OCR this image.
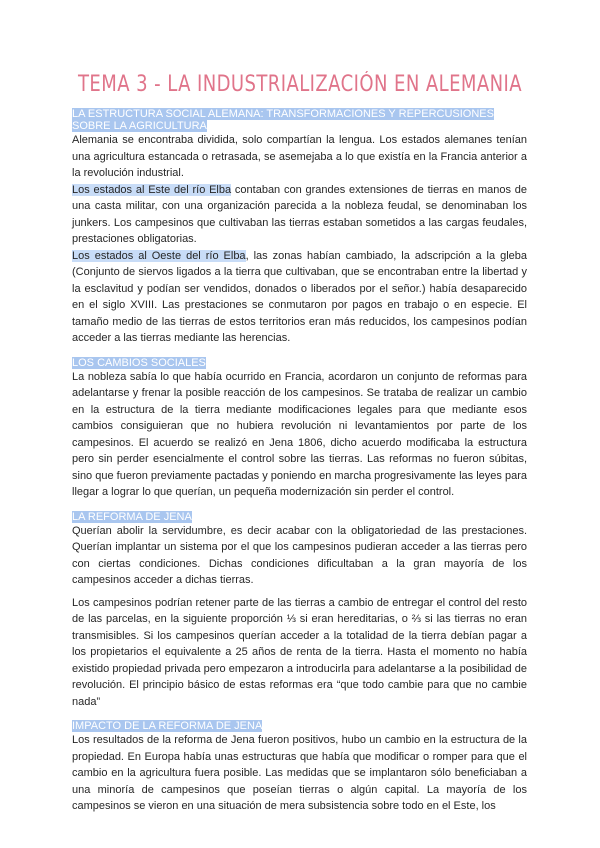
TEMA 3 - LA INDUSTRIALIZACIÓN EN ALEMANIA
LA ESTRUCTURA SOCIAL ALEMANA: TRANSFORMACIONES Y REPERCUSIONES SOBRE LA AGRICULTURA

Alemania se encontraba dividida, solo compartían la lengua. Los estados alemanes tenían una agricultura estancada o retrasada, se asemejaba a lo que existía en la Francia anterior a la revolución industrial.

Los estados al Este del río Elba contaban con grandes extensiones de tierras en manos de una casta militar, con una organización parecida a la nobleza feudal, se denominaban los junkers. Los campesinos que cultivaban las tierras estaban sometidos a las cargas feudales, prestaciones obligatorias.

Los estados al Oeste del río Elba, las zonas habían cambiado, la adscripción a la gleba (Conjunto de siervos ligados a la tierra que cultivaban, que se encontraban entre la libertad y la esclavitud y podían ser vendidos, donados o liberados por el señor.) había desaparecido en el siglo XVIII. Las prestaciones se conmutaron por pagos en trabajo o en especie. El tamaño medio de las tierras de estos territorios eran más reducidos, los campesinos podían acceder a las tierras mediante las herencias.

LOS CAMBIOS SOCIALES

La nobleza sabía lo que había ocurrido en Francia, acordaron un conjunto de reformas para adelantarse y frenar la posible reacción de los campesinos. Se trataba de realizar un cambio en la estructura de la tierra mediante modificaciones legales para que mediante esos cambios consiguieran que no hubiera revolución ni levantamientos por parte de los campesinos. El acuerdo se realizó en Jena 1806, dicho acuerdo modificaba la estructura pero sin perder esencialmente el control sobre las tierras. Las reformas no fueron súbitas, sino que fueron previamente pactadas y poniendo en marcha progresivamente las leyes para llegar a lograr lo que querían, un pequeña modernización sin perder el control.

LA REFORMA DE JENA

Querían abolir la servidumbre, es decir acabar con la obligatoriedad de las prestaciones. Querían implantar un sistema por el que los campesinos pudieran acceder a las tierras pero con ciertas condiciones. Dichas condiciones dificultaban a la gran mayoría de los campesinos acceder a dichas tierras.

Los campesinos podrían retener parte de las tierras a cambio de entregar el control del resto de las parcelas, en la siguiente proporción ⅓ si eran hereditarias, o ⅔ si las tierras no eran transmisibles. Si los campesinos querían acceder a la totalidad de la tierra debían pagar a los propietarios el equivalente a 25 años de renta de la tierra. Hasta el momento no había existido propiedad privada pero empezaron a introducirla para adelantarse a la posibilidad de revolución. El principio básico de estas reformas era “que todo cambie para que no cambie nada”

IMPACTO DE LA REFORMA DE JENA

Los resultados de la reforma de Jena fueron positivos, hubo un cambio en la estructura de la propiedad. En Europa había unas estructuras que había que modificar o romper para que el cambio en la agricultura fuera posible. Las medidas que se implantaron sólo beneficiaban a una minoría de campesinos que poseían tierras o algún capital. La mayoría de los campesinos se vieron en una situación de mera subsistencia sobre todo en el Este, los
